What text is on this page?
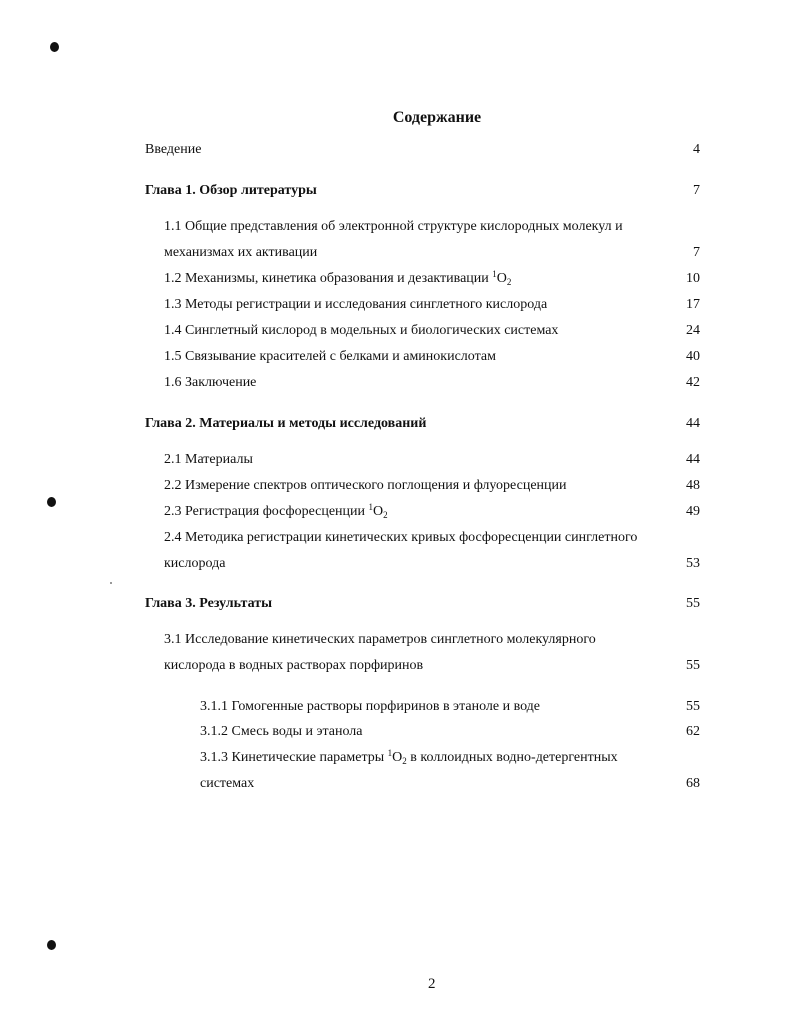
Содержание
Введение	4
Глава 1. Обзор литературы	7
1.1 Общие представления об электронной структуре кислородных молекул и
механизмах их активации	7
1.2 Механизмы, кинетика образования и дезактивации $^1O_2$	10
1.3 Методы регистрации и исследования синглетного кислорода	17
1.4 Синглетный кислород в модельных и биологических системах	24
1.5 Связывание красителей с белками и аминокислотам	40
1.6 Заключение	42
Глава 2. Материалы и методы исследований	44
2.1 Материалы	44
2.2 Измерение спектров оптического поглощения и флуоресценции	48
2.3 Регистрация фосфоресценции $^1O_2$	49
2.4 Методика регистрации кинетических кривых фосфоресценции синглетного
кислорода	53
Глава 3. Результаты	55
3.1 Исследование кинетических параметров синглетного молекулярного
кислорода в водных растворах порфиринов	55
3.1.1 Гомогенные растворы порфиринов в этаноле и воде	55
3.1.2 Смесь воды и этанола	62
3.1.3 Кинетические параметры $^1O_2$ в коллоидных водно-детергентных
системах	68
2
